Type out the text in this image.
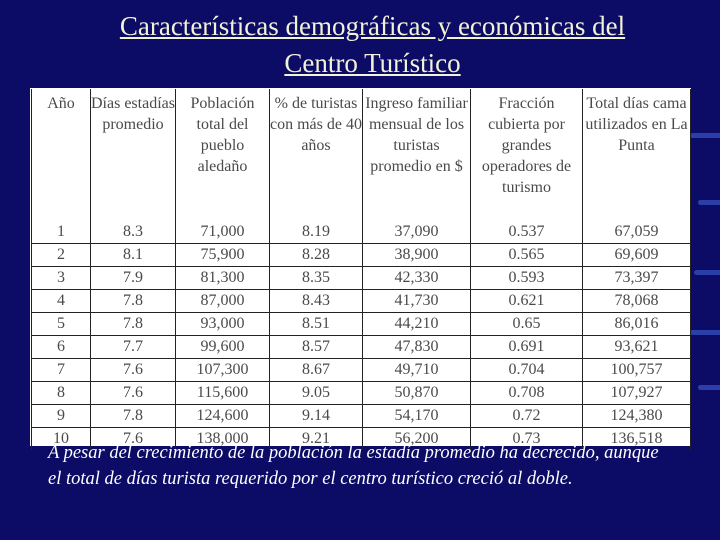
Características demográficas y económicas del
Centro Turístico
Año	Días estadías promedio	Población total del pueblo aledaño	% de turistas con más de 40 años	Ingreso familiar mensual de los turistas promedio en $	Fracción cubierta por grandes operadores de turismo	Total días cama utilizados en La Punta
1	8.3	71,000	8.19	37,090	0.537	67,059
2	8.1	75,900	8.28	38,900	0.565	69,609
3	7.9	81,300	8.35	42,330	0.593	73,397
4	7.8	87,000	8.43	41,730	0.621	78,068
5	7.8	93,000	8.51	44,210	0.65	86,016
6	7.7	99,600	8.57	47,830	0.691	93,621
7	7.6	107,300	8.67	49,710	0.704	100,757
8	7.6	115,600	9.05	50,870	0.708	107,927
9	7.8	124,600	9.14	54,170	0.72	124,380
10	7.6	138,000	9.21	56,200	0.73	136,518
A pesar del crecimiento de la población la estadía promedio ha decrecido, aunque el total de días turista requerido por el centro turístico creció al doble.
